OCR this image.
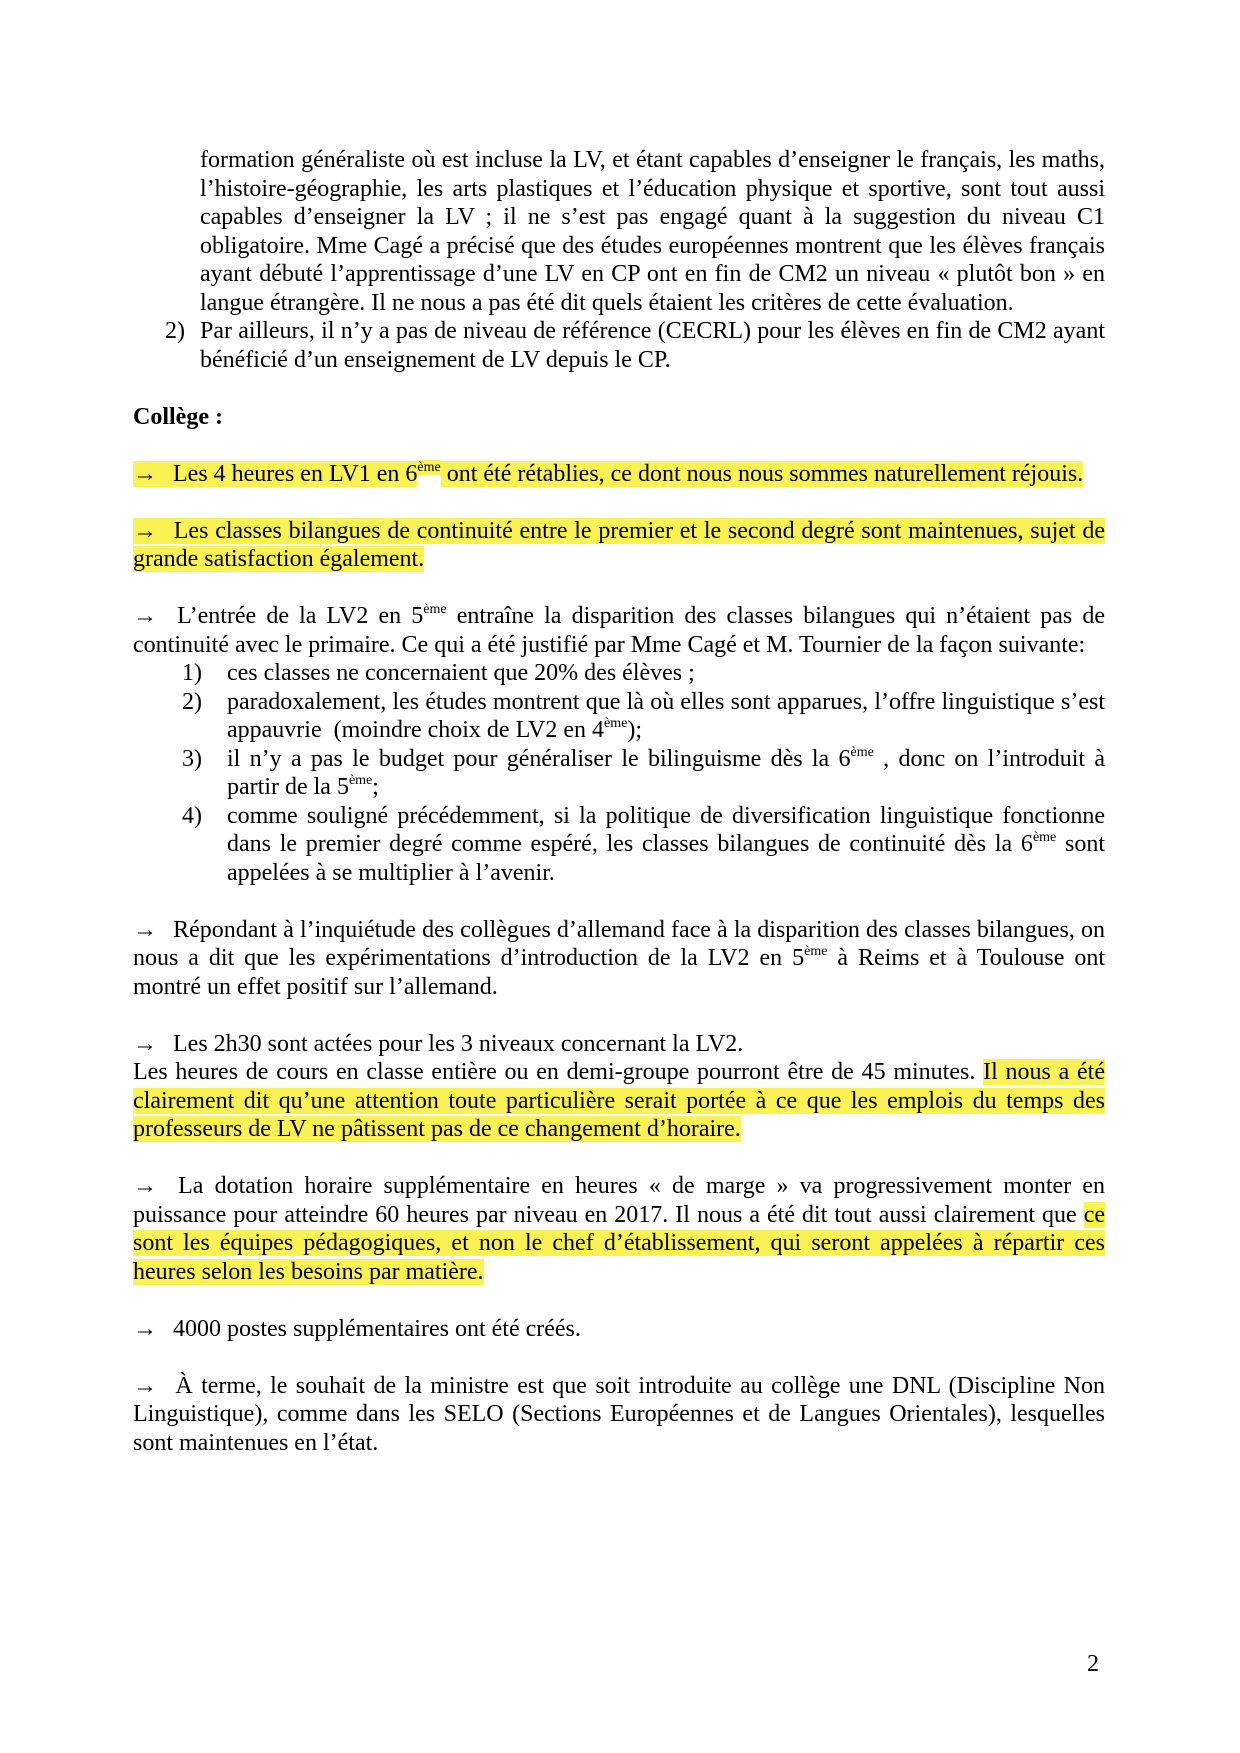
formation généraliste où est incluse la LV, et étant capables d’enseigner le français, les maths, l’histoire-géographie, les arts plastiques et l’éducation physique et sportive, sont tout aussi capables d’enseigner la LV ; il ne s’est pas engagé quant à la suggestion du niveau C1 obligatoire. Mme Cagé a précisé que des études européennes montrent que les élèves français ayant débuté l’apprentissage d’une LV en CP ont en fin de CM2 un niveau « plutôt bon » en langue étrangère. Il ne nous a pas été dit quels étaient les critères de cette évaluation.
2) Par ailleurs, il n’y a pas de niveau de référence (CECRL) pour les élèves en fin de CM2 ayant bénéficié d’un enseignement de LV depuis le CP.
Collège :
→ Les 4 heures en LV1 en 6ème ont été rétablies, ce dont nous nous sommes naturellement réjouis.
→ Les classes bilangues de continuité entre le premier et le second degré sont maintenues, sujet de grande satisfaction également.
→ L’entrée de la LV2 en 5ème entraîne la disparition des classes bilangues qui n’étaient pas de continuité avec le primaire. Ce qui a été justifié par Mme Cagé et M. Tournier de la façon suivante:
1)	ces classes ne concernaient que 20% des élèves ;
2)	paradoxalement, les études montrent que là où elles sont apparues, l’offre linguistique s’est appauvrie  (moindre choix de LV2 en 4ème);
3)	il n’y a pas le budget pour généraliser le bilinguisme dès la 6ème , donc on l’introduit à partir de la 5ème;
4)	comme souligné précédemment, si la politique de diversification linguistique fonctionne dans le premier degré comme espéré, les classes bilangues de continuité dès la 6ème sont appelées à se multiplier à l’avenir.
→ Répondant à l’inquiétude des collègues d’allemand face à la disparition des classes bilangues, on nous a dit que les expérimentations d’introduction de la LV2 en 5ème à Reims et à Toulouse ont montré un effet positif sur l’allemand.
→ Les 2h30 sont actées pour les 3 niveaux concernant la LV2.
Les heures de cours en classe entière ou en demi-groupe pourront être de 45 minutes. Il nous a été clairement dit qu’une attention toute particulière serait portée à ce que les emplois du temps des professeurs de LV ne pâtissent pas de ce changement d’horaire.
→ La dotation horaire supplémentaire en heures « de marge » va progressivement monter en puissance pour atteindre 60 heures par niveau en 2017. Il nous a été dit tout aussi clairement que ce sont les équipes pédagogiques, et non le chef d’établissement, qui seront appelées à répartir ces heures selon les besoins par matière.
→ 4000 postes supplémentaires ont été créés.
→ À terme, le souhait de la ministre est que soit introduite au collège une DNL (Discipline Non Linguistique), comme dans les SELO (Sections Européennes et de Langues Orientales), lesquelles sont maintenues en l’état.
2
